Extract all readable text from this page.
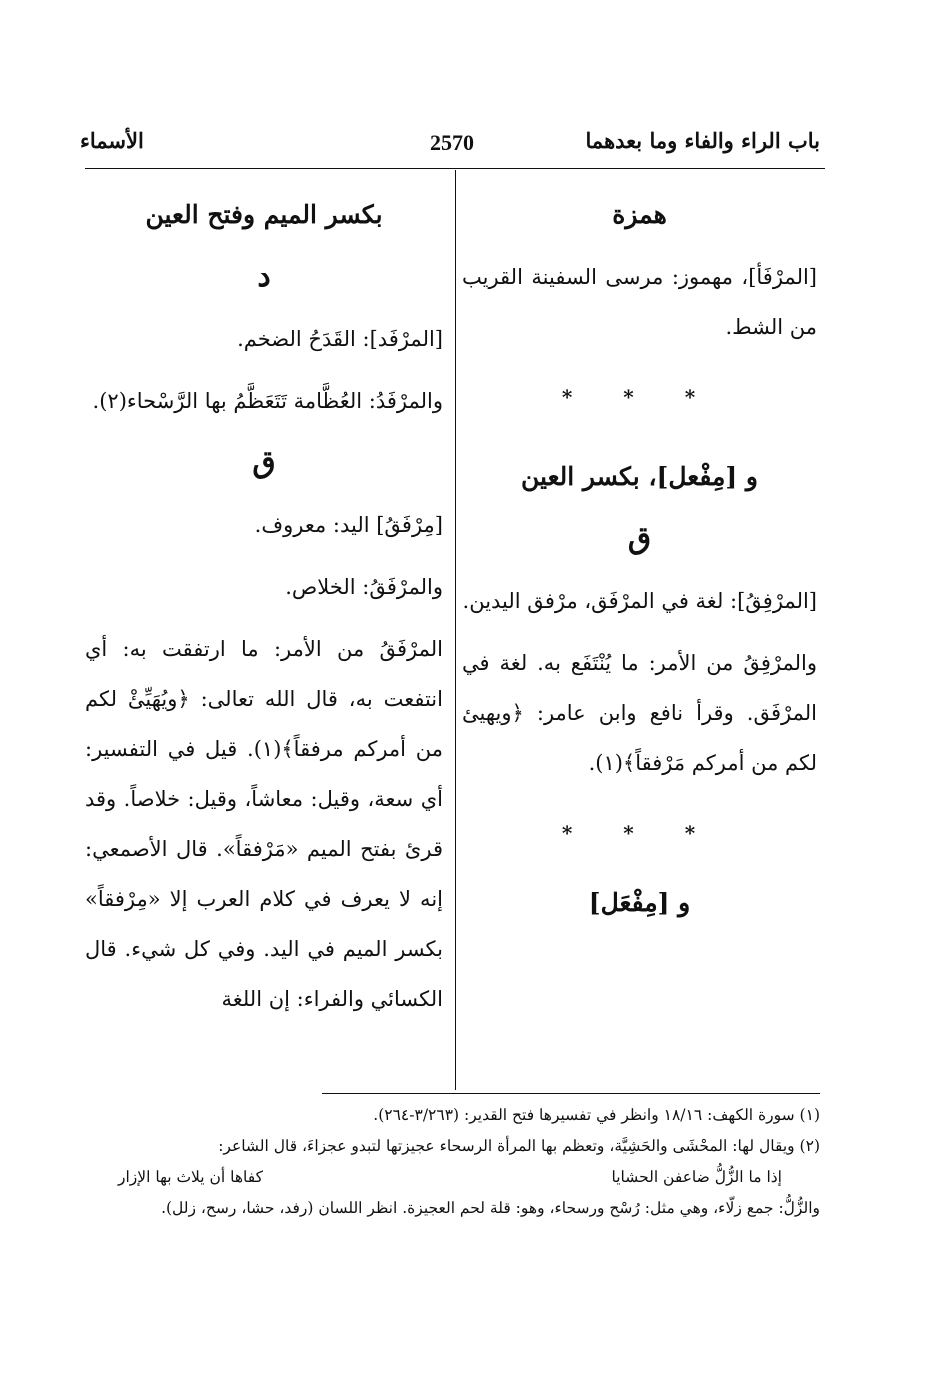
باب الراء والفاء وما بعدهما
2570
الأسماء

همزة

[المرْفَأ]، مهموز: مرسى السفينة القريب من الشط.

* * *

و [مِفْعل]، بكسر العين

ق

[المرْفِقُ]: لغة في المرْفَق، مرْفق اليدين.

والمرْفِقُ من الأمر: ما يُنْتَفَع به. لغة في المرْفَق. وقرأ نافع وابن عامر: ﴿ويهيئ لكم من أمركم مَرْفقاً﴾(١).

* * *

و [مِفْعَل]

بكسر الميم وفتح العين

د

[المرْفَد]: القَدَحُ الضخم.

والمرْفَدُ: العُظَّامة تَتَعَظَّمُ بها الرَّسْحاء(٢).

ق

[مِرْفَقُ] اليد: معروف.

والمرْفَقُ: الخلاص.

المرْفَقُ من الأمر: ما ارتفقت به: أي انتفعت به، قال الله تعالى: ﴿ويُهَيِّئْ لكم من أمركم مرفقاً﴾(١). قيل في التفسير: أي سعة، وقيل: معاشاً، وقيل: خلاصاً. وقد قرئ بفتح الميم «مَرْفقاً». قال الأصمعي: إنه لا يعرف في كلام العرب إلا «مِرْفقاً» بكسر الميم في اليد. وفي كل شيء. قال الكسائي والفراء: إن اللغة

(١) سورة الكهف: ١٨/١٦ وانظر في تفسيرها فتح القدير: (٣/٢٦٣-٢٦٤).

(٢) ويقال لها: المحْشَى والحَشِيَّة، وتعظم بها المرأة الرسحاء عجيزتها لتبدو عجزاءَ، قال الشاعر:

إذا ما الزُّلُّ ضاعفن الحشايا
كفاها أن يلاث بها الإزار

والزُّلُّ: جمع زلّاء، وهي مثل: رُسْح ورسحاء، وهو: قلة لحم العجيزة. انظر اللسان (رفد، حشا، رسح، زلل).
